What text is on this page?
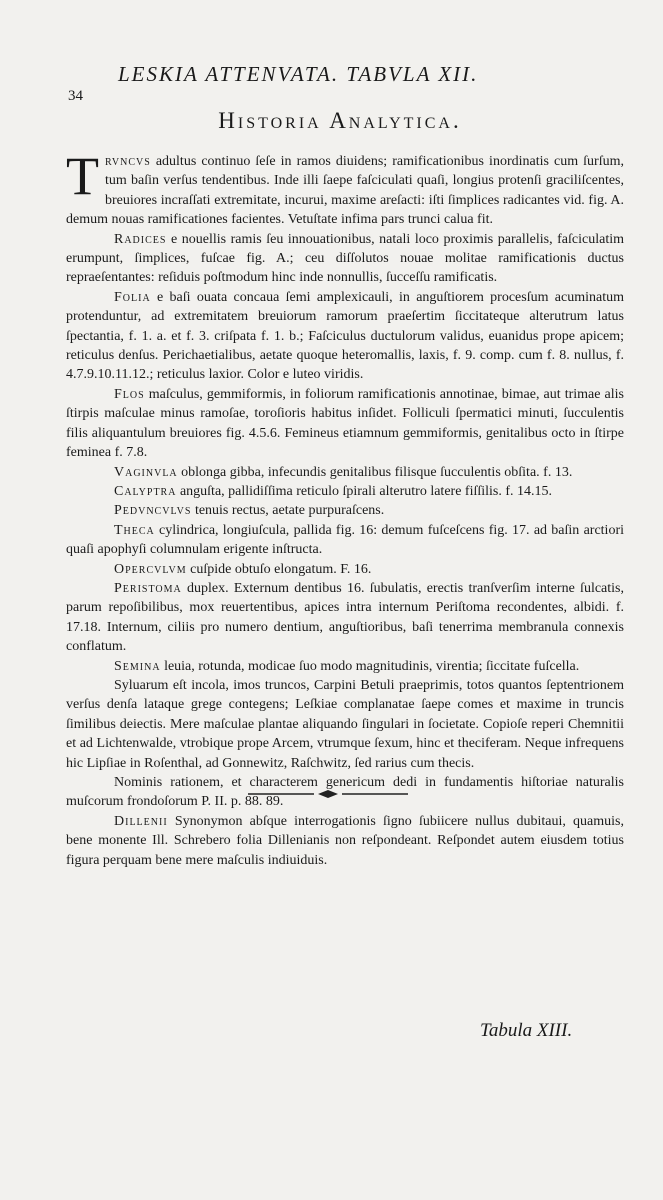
34
LESKIA ATTENVATA. TABVLA XII.
Historia Analytica.

Trvncvs adultus continuo ſeſe in ramos diuidens; ramificationibus inordinatis cum ſurſum, tum baſin verſus tendentibus. Inde illi ſaepe faſciculati quaſi, longius protenſi graciliſcentes, breuiores incraſſati extremitate, incurui, maxime areſacti: iſti ſimplices radicantes vid. fig. A. demum nouas ramificationes facientes. Vetuſtate infima pars trunci calua fit.

Radices e nouellis ramis ſeu innouationibus, natali loco proximis parallelis, faſciculatim erumpunt, ſimplices, fuſcae fig. A.; ceu diſſolutos nouae molitae ramificationis ductus repraeſentantes: reſiduis poſtmodum hinc inde nonnullis, ſucceſſu ramificatis.

Folia e baſi ouata concaua ſemi amplexicauli, in anguſtiorem procesſum acuminatum protenduntur, ad extremitatem breuiorum ramorum praeſertim ſiccitateque alterutrum latus ſpectantia, f. 1. a. et f. 3. criſpata f. 1. b.; Faſciculus ductulorum validus, euanidus prope apicem; reticulus denſus. Perichaetialibus, aetate quoque heteromallis, laxis, f. 9. comp. cum f. 8. nullus, f. 4.7.9.10.11.12.; reticulus laxior. Color e luteo viridis.

Flos maſculus, gemmiformis, in foliorum ramificationis annotinae, bimae, aut trimae alis ſtirpis maſculae minus ramoſae, toroſioris habitus inſidet. Folliculi ſpermatici minuti, ſucculentis filis aliquantulum breuiores fig. 4.5.6. Femineus etiamnum gemmiformis, genitalibus octo in ſtirpe feminea f. 7.8.

Vaginvla oblonga gibba, infecundis genitalibus filisque ſucculentis obſita. f. 13.

Calyptra anguſta, pallidiſſima reticulo ſpirali alterutro latere fiſſilis. f. 14.15.

Pedvncvlvs tenuis rectus, aetate purpuraſcens.

Theca cylindrica, longiuſcula, pallida fig. 16: demum fuſceſcens fig. 17. ad baſin arctiori quaſi apophyſi columnulam erigente inſtructa.

Opercvlvm cuſpide obtuſo elongatum. F. 16.

Peristoma duplex. Externum dentibus 16. ſubulatis, erectis tranſverſim interne ſulcatis, parum repoſibilibus, mox reuertentibus, apices intra internum Periſtoma recondentes, albidi. f. 17.18. Internum, ciliis pro numero dentium, anguſtioribus, baſi tenerrima membranula connexis conflatum.

Semina leuia, rotunda, modicae ſuo modo magnitudinis, virentia; ſiccitate fuſcella.

Syluarum eſt incola, imos truncos, Carpini Betuli praeprimis, totos quantos ſeptentrionem verſus denſa lataque grege contegens; Leſkiae complanatae ſaepe comes et maxime in truncis ſimilibus deiectis. Mere maſculae plantae aliquando ſingulari in ſocietate. Copioſe reperi Chemnitii et ad Lichtenwalde, vtrobique prope Arcem, vtrumque ſexum, hinc et theciferam. Neque infrequens hic Lipſiae in Roſenthal, ad Gonnewitz, Raſchwitz, ſed rarius cum thecis.

Nominis rationem, et characterem genericum dedi in fundamentis hiſtoriae naturalis muſcorum frondoſorum P. II. p. 88. 89.

Dillenii Synonymon abſque interrogationis ſigno ſubiicere nullus dubitaui, quamuis, bene monente Ill. Schrebero folia Dillenianis non reſpondeant. Reſpondet autem eiusdem totius figura perquam bene mere maſculis indiuiduis.

Tabula XIII.
